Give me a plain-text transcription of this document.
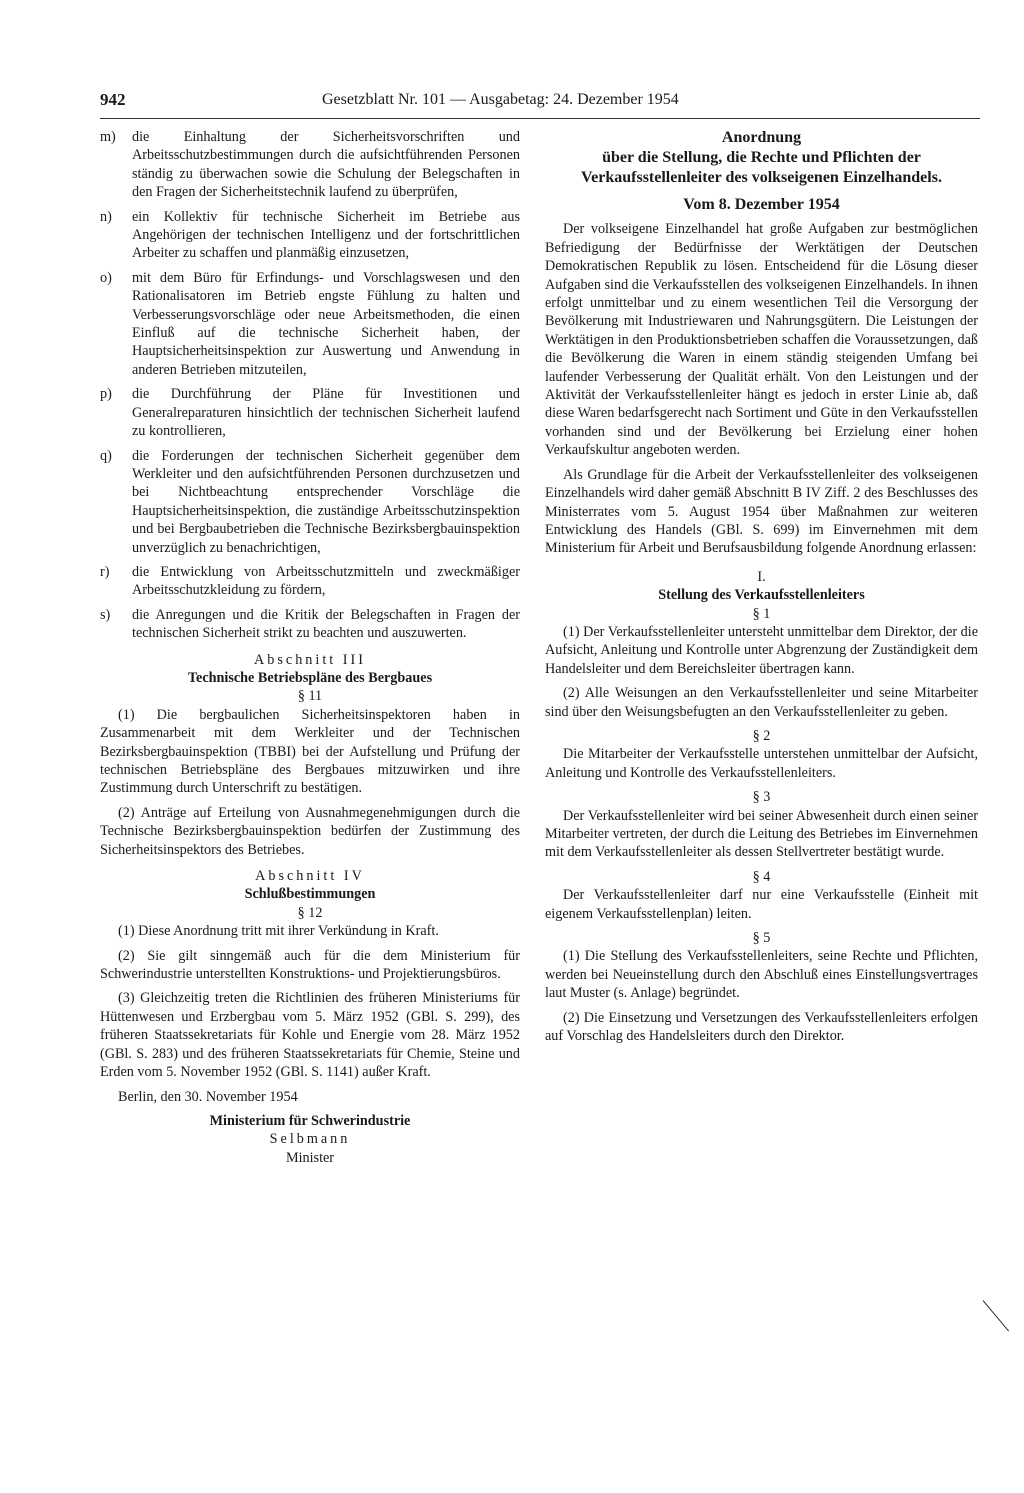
942	Gesetzblatt Nr. 101 — Ausgabetag: 24. Dezember 1954
m) die Einhaltung der Sicherheitsvorschriften und Arbeitsschutzbestimmungen durch die aufsichtführenden Personen ständig zu überwachen sowie die Schulung der Belegschaften in den Fragen der Sicherheitstechnik laufend zu überprüfen,
n) ein Kollektiv für technische Sicherheit im Betriebe aus Angehörigen der technischen Intelligenz und der fortschrittlichen Arbeiter zu schaffen und planmäßig einzusetzen,
o) mit dem Büro für Erfindungs- und Vorschlagswesen und den Rationalisatoren im Betrieb engste Fühlung zu halten und Verbesserungsvorschläge oder neue Arbeitsmethoden, die einen Einfluß auf die technische Sicherheit haben, der Hauptsicherheitsinspektion zur Auswertung und Anwendung in anderen Betrieben mitzuteilen,
p) die Durchführung der Pläne für Investitionen und Generalreparaturen hinsichtlich der technischen Sicherheit laufend zu kontrollieren,
q) die Forderungen der technischen Sicherheit gegenüber dem Werkleiter und den aufsichtführenden Personen durchzusetzen und bei Nichtbeachtung entsprechender Vorschläge die Hauptsicherheitsinspektion, die zuständige Arbeitsschutzinspektion und bei Bergbaubetrieben die Technische Bezirksbergbauinspektion unverzüglich zu benachrichtigen,
r) die Entwicklung von Arbeitsschutzmitteln und zweckmäßiger Arbeitsschutzkleidung zu fördern,
s) die Anregungen und die Kritik der Belegschaften in Fragen der technischen Sicherheit strikt zu beachten und auszuwerten.
Abschnitt III
Technische Betriebspläne des Bergbaues
§ 11

(1) Die bergbaulichen Sicherheitsinspektoren haben in Zusammenarbeit mit dem Werkleiter und der Technischen Bezirksbergbauinspektion (TBBI) bei der Aufstellung und Prüfung der technischen Betriebspläne des Bergbaues mitzuwirken und ihre Zustimmung durch Unterschrift zu bestätigen.

(2) Anträge auf Erteilung von Ausnahmegenehmigungen durch die Technische Bezirksbergbauinspektion bedürfen der Zustimmung des Sicherheitsinspektors des Betriebes.

Abschnitt IV
Schlußbestimmungen
§ 12

(1) Diese Anordnung tritt mit ihrer Verkündung in Kraft.

(2) Sie gilt sinngemäß auch für die dem Ministerium für Schwerindustrie unterstellten Konstruktions- und Projektierungsbüros.

(3) Gleichzeitig treten die Richtlinien des früheren Ministeriums für Hüttenwesen und Erzbergbau vom 5. März 1952 (GBl. S. 299), des früheren Staatssekretariats für Kohle und Energie vom 28. März 1952 (GBl. S. 283) und des früheren Staatssekretariats für Chemie, Steine und Erden vom 5. November 1952 (GBl. S. 1141) außer Kraft.

Berlin, den 30. November 1954

Ministerium für Schwerindustrie
Selbmann
Minister
Anordnung
über die Stellung, die Rechte und Pflichten der Verkaufsstellenleiter des volkseigenen Einzelhandels.
Vom 8. Dezember 1954

Der volkseigene Einzelhandel hat große Aufgaben zur bestmöglichen Befriedigung der Bedürfnisse der Werktätigen der Deutschen Demokratischen Republik zu lösen. Entscheidend für die Lösung dieser Aufgaben sind die Verkaufsstellen des volkseigenen Einzelhandels. In ihnen erfolgt unmittelbar und zu einem wesentlichen Teil die Versorgung der Bevölkerung mit Industriewaren und Nahrungsgütern. Die Leistungen der Werktätigen in den Produktionsbetrieben schaffen die Voraussetzungen, daß die Bevölkerung die Waren in einem ständig steigenden Umfang bei laufender Verbesserung der Qualität erhält. Von den Leistungen und der Aktivität der Verkaufsstellenleiter hängt es jedoch in erster Linie ab, daß diese Waren bedarfsgerecht nach Sortiment und Güte in den Verkaufsstellen vorhanden sind und der Bevölkerung bei Erzielung einer hohen Verkaufskultur angeboten werden.

Als Grundlage für die Arbeit der Verkaufsstellenleiter des volkseigenen Einzelhandels wird daher gemäß Abschnitt B IV Ziff. 2 des Beschlusses des Ministerrates vom 5. August 1954 über Maßnahmen zur weiteren Entwicklung des Handels (GBl. S. 699) im Einvernehmen mit dem Ministerium für Arbeit und Berufsausbildung folgende Anordnung erlassen:

I.
Stellung des Verkaufsstellenleiters
§ 1

(1) Der Verkaufsstellenleiter untersteht unmittelbar dem Direktor, der die Aufsicht, Anleitung und Kontrolle unter Abgrenzung der Zuständigkeit dem Handelsleiter und dem Bereichsleiter übertragen kann.

(2) Alle Weisungen an den Verkaufsstellenleiter und seine Mitarbeiter sind über den Weisungsbefugten an den Verkaufsstellenleiter zu geben.

§ 2

Die Mitarbeiter der Verkaufsstelle unterstehen unmittelbar der Aufsicht, Anleitung und Kontrolle des Verkaufsstellenleiters.

§ 3

Der Verkaufsstellenleiter wird bei seiner Abwesenheit durch einen seiner Mitarbeiter vertreten, der durch die Leitung des Betriebes im Einvernehmen mit dem Verkaufsstellenleiter als dessen Stellvertreter bestätigt wurde.

§ 4

Der Verkaufsstellenleiter darf nur eine Verkaufsstelle (Einheit mit eigenem Verkaufsstellenplan) leiten.

§ 5

(1) Die Stellung des Verkaufsstellenleiters, seine Rechte und Pflichten, werden bei Neueinstellung durch den Abschluß eines Einstellungsvertrages laut Muster (s. Anlage) begründet.

(2) Die Einsetzung und Versetzungen des Verkaufsstellenleiters erfolgen auf Vorschlag des Handelsleiters durch den Direktor.
